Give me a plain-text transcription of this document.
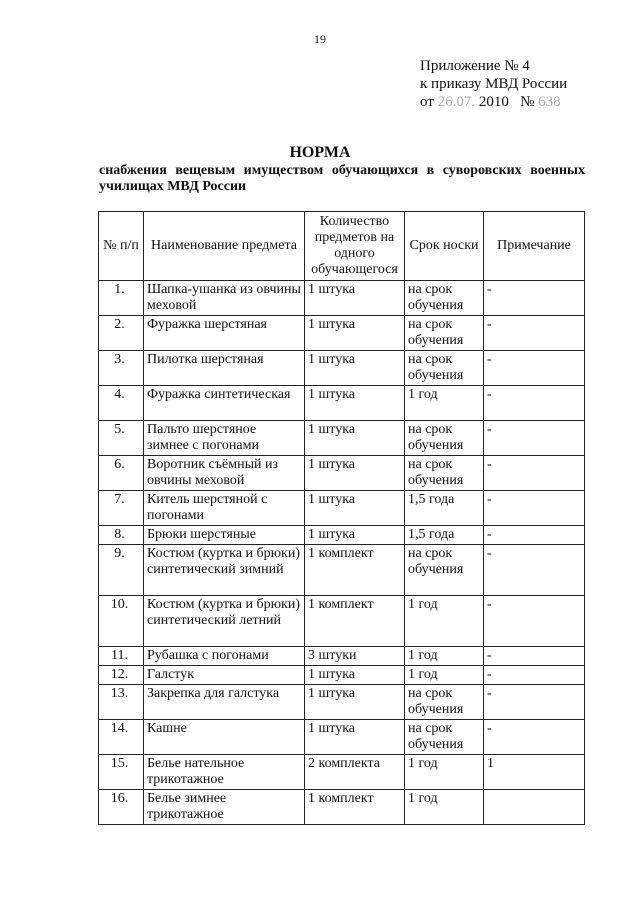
19
Приложение № 4
к приказу МВД России
от 26.07. 2010 № 638
НОРМА
снабжения вещевым имуществом обучающихся в суворовских военных училищах МВД России
№ п/п	Наименование предмета	Количество предметов на одного обучающегося	Срок носки	Примечание
1.	Шапка-ушанка из овчины меховой	1 штука	на срок обучения	-
2.	Фуражка шерстяная	1 штука	на срок обучения	-
3.	Пилотка шерстяная	1 штука	на срок обучения	-
4.	Фуражка синтетическая	1 штука	1 год	-
5.	Пальто шерстяное зимнее с погонами	1 штука	на срок обучения	-
6.	Воротник съёмный из овчины меховой	1 штука	на срок обучения	-
7.	Китель шерстяной с погонами	1 штука	1,5 года	-
8.	Брюки шерстяные	1 штука	1,5 года	-
9.	Костюм (куртка и брюки) синтетический зимний	1 комплект	на срок обучения	-
10.	Костюм (куртка и брюки) синтетический летний	1 комплект	1 год	-
11.	Рубашка с погонами	3 штуки	1 год	-
12.	Галстук	1 штука	1 год	-
13.	Закрепка для галстука	1 штука	на срок обучения	-
14.	Кашне	1 штука	на срок обучения	-
15.	Белье нательное трикотажное	2 комплекта	1 год	1
16.	Белье зимнее трикотажное	1 комплект	1 год	
